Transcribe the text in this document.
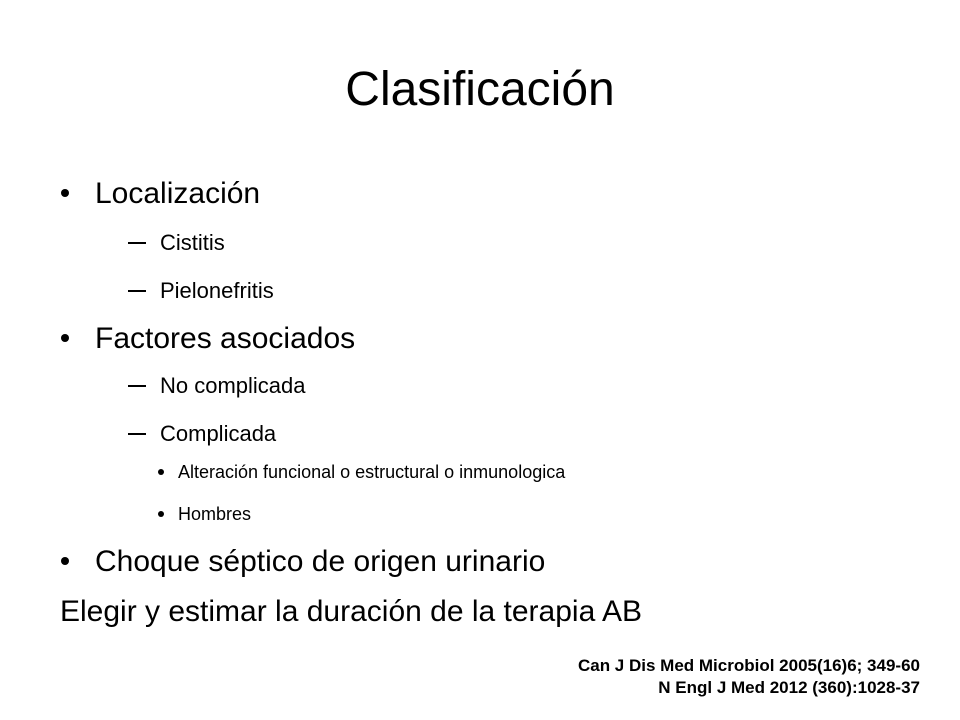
Clasificación
Localización
Cistitis
Pielonefritis
Factores asociados
No complicada
Complicada
Alteración funcional o estructural o inmunologica
Hombres
Choque séptico de origen urinario
Elegir y estimar la duración de la terapia AB
Can J Dis Med Microbiol 2005(16)6; 349-60
N Engl J Med 2012 (360):1028-37
